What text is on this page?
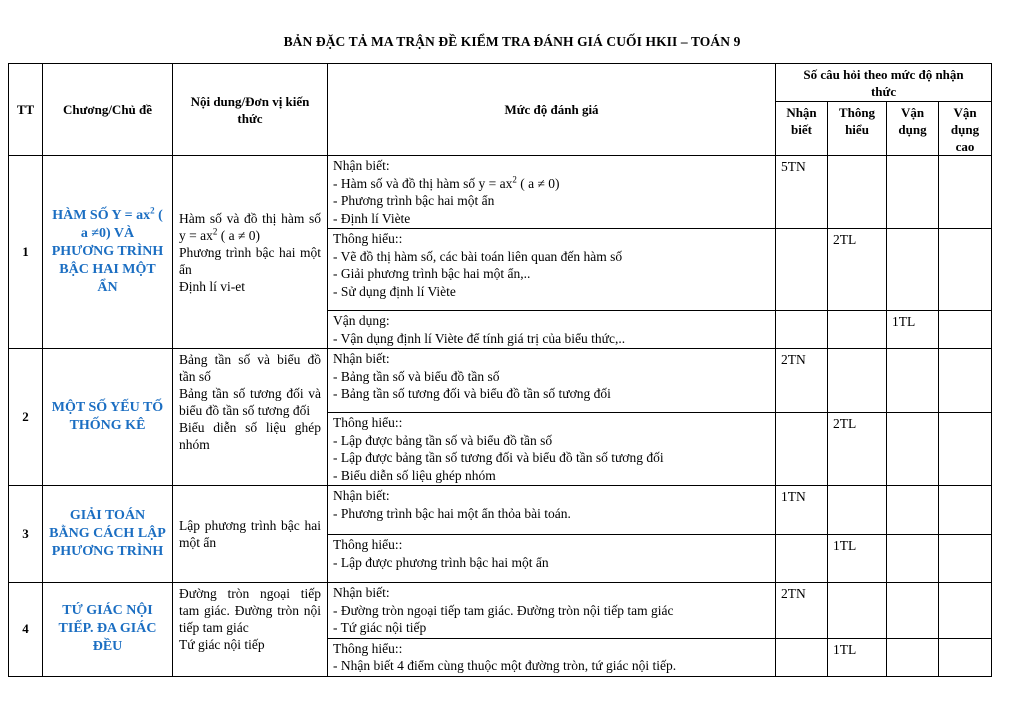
BẢN ĐẶC TẢ MA TRẬN ĐỀ KIỂM TRA ĐÁNH GIÁ CUỐI HKII – TOÁN 9
TT	Chương/Chủ đề	Nội dung/Đơn vị kiến thức	Mức độ đánh giá	Số câu hỏi theo mức độ nhận thức			
				Nhận biết	Thông hiểu	Vận dụng	Vận dụng cao
1	HÀM SỐ $Y = ax^2$ ( a ≠0) VÀ PHƯƠNG TRÌNH BẬC HAI MỘT ẨN	Hàm số và đồ thị hàm số $y = ax^2$ ( a ≠ 0)
Phương trình bậc hai một ẩn
Định lí vi-et	Nhận biết:
- Hàm số và đồ thị hàm số $y = ax^2$ ( a ≠ 0)
- Phương trình bậc hai một ẩn
- Định lí Viète	5TN			

			Thông hiểu::
- Vẽ đồ thị hàm số, các bài toán liên quan đến hàm số
- Giải phương trình bậc hai một ẩn,..
- Sử dụng định lí Viète		2TL		

			Vận dụng:
- Vận dụng định lí Viète để tính giá trị của biểu thức,..			1TL	
2	MỘT SỐ YẾU TỐ THỐNG KÊ	Bảng tần số và biểu đồ tần số
Bảng tần số tương đối và biểu đồ tần số tương đối
Biểu diễn số liệu ghép nhóm	Nhận biết:
- Bảng tần số và biểu đồ tần số
- Bảng tần số tương đối và biểu đồ tần số tương đối	2TN			

			Thông hiểu::
- Lập được bảng tần số và biểu đồ tần số
- Lập được bảng tần số tương đối và biểu đồ tần số tương đối
- Biểu diễn số liệu ghép nhóm		2TL		
3	GIẢI TOÁN BẰNG CÁCH LẬP PHƯƠNG TRÌNH	Lập phương trình bậc hai một ẩn	Nhận biết:
- Phương trình bậc hai một ẩn thỏa bài toán.	1TN			

			Thông hiểu::
- Lập được phương trình bậc hai một ẩn		1TL		
4	TỨ GIÁC NỘI TIẾP. ĐA GIÁC ĐỀU	Đường tròn ngoại tiếp tam giác. Đường tròn nội tiếp tam giác
Tứ giác nội tiếp	Nhận biết:
- Đường tròn ngoại tiếp tam giác. Đường tròn nội tiếp tam giác
- Tứ giác nội tiếp	2TN			

			Thông hiểu::
- Nhận biết 4 điểm cùng thuộc một đường tròn, tứ giác nội tiếp.		1TL		
